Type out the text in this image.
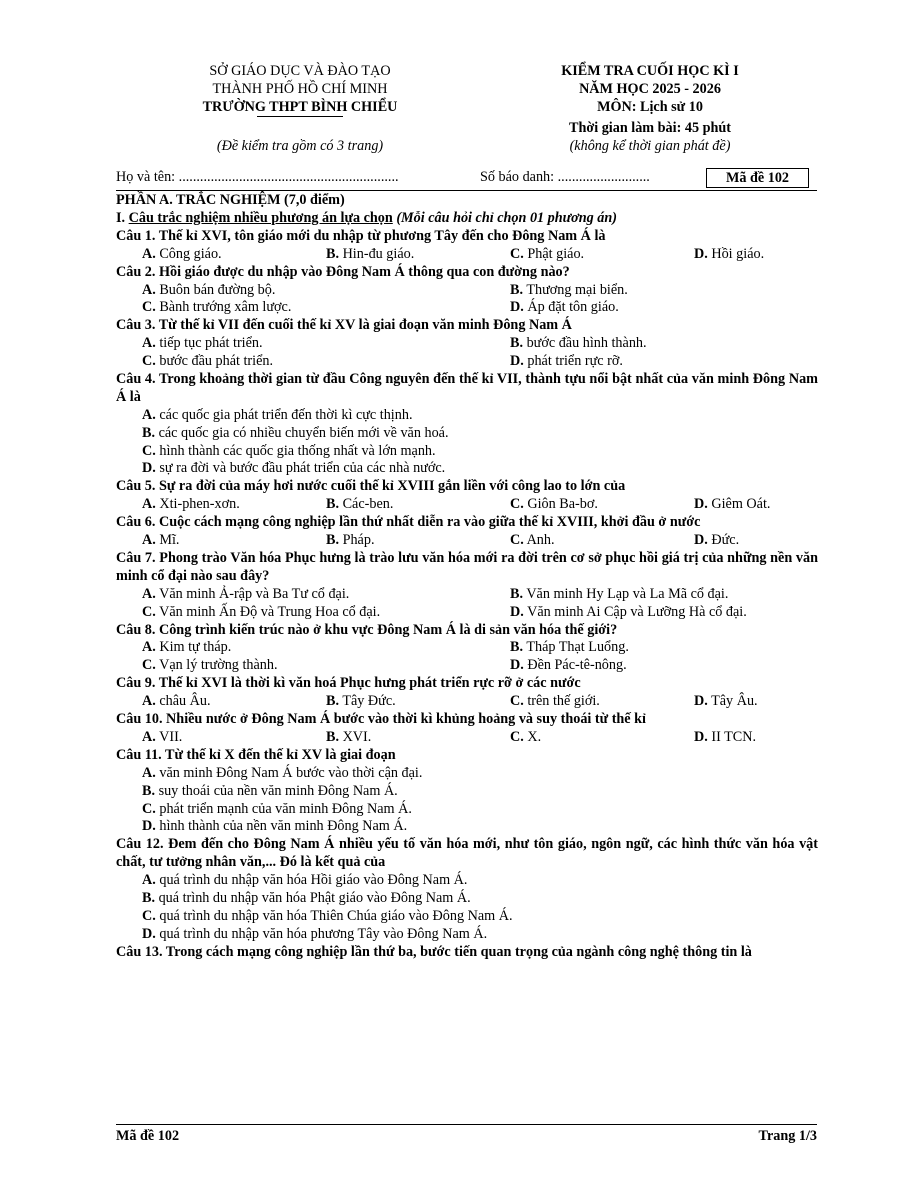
SỞ GIÁO DỤC VÀ ĐÀO TẠO
THÀNH PHỐ HỒ CHÍ MINH
TRƯỜNG THPT BÌNH CHIỂU
(Đề kiểm tra gồm có 3 trang)
KIỂM TRA CUỐI HỌC KÌ I
NĂM HỌC 2025 - 2026
MÔN: Lịch sử 10
Thời gian làm bài: 45 phút
(không kể thời gian phát đề)
Họ và tên: ..............................................................	Số báo danh: ..........................	Mã đề 102
PHẦN A. TRẮC NGHIỆM (7,0 điểm)
I. Câu trắc nghiệm nhiều phương án lựa chọn (Mỗi câu hỏi chỉ chọn 01 phương án)
Câu 1. Thế kỉ XVI, tôn giáo mới du nhập từ phương Tây đến cho Đông Nam Á là
A. Công giáo.	B. Hin-đu giáo.	C. Phật giáo.	D. Hồi giáo.
Câu 2. Hồi giáo được du nhập vào Đông Nam Á thông qua con đường nào?
A. Buôn bán đường bộ.	B. Thương mại biển.
C. Bành trướng xâm lược.	D. Áp đặt tôn giáo.
Câu 3. Từ thế kỉ VII đến cuối thế kỉ XV là giai đoạn văn minh Đông Nam Á
A. tiếp tục phát triển.	B. bước đầu hình thành.
C. bước đầu phát triển.	D. phát triển rực rỡ.
Câu 4. Trong khoảng thời gian từ đầu Công nguyên đến thế kỉ VII, thành tựu nổi bật nhất của văn minh Đông Nam Á là
A. các quốc gia phát triển đến thời kì cực thịnh.
B. các quốc gia có nhiều chuyển biến mới về văn hoá.
C. hình thành các quốc gia thống nhất và lớn mạnh.
D. sự ra đời và bước đầu phát triển của các nhà nước.
Câu 5. Sự ra đời của máy hơi nước cuối thế kỉ XVIII gắn liền với công lao to lớn của
A. Xti-phen-xơn.	B. Các-ben.	C. Giôn Ba-bơ.	D. Giêm Oát.
Câu 6. Cuộc cách mạng công nghiệp lần thứ nhất diễn ra vào giữa thế kỉ XVIII, khởi đầu ở nước
A. Mĩ.	B. Pháp.	C. Anh.	D. Đức.
Câu 7. Phong trào Văn hóa Phục hưng là trào lưu văn hóa mới ra đời trên cơ sở phục hồi giá trị của những nền văn minh cổ đại nào sau đây?
A. Văn minh Ả-rập và Ba Tư cổ đại.	B. Văn minh Hy Lạp và La Mã cổ đại.
C. Văn minh Ấn Độ và Trung Hoa cổ đại.	D. Văn minh Ai Cập và Lưỡng Hà cổ đại.
Câu 8. Công trình kiến trúc nào ở khu vực Đông Nam Á là di sản văn hóa thế giới?
A. Kim tự tháp.	B. Tháp Thạt Luổng.
C. Vạn lý trường thành.	D. Đền Pác-tê-nông.
Câu 9. Thế kỉ XVI là thời kì văn hoá Phục hưng phát triển rực rỡ ở các nước
A. châu Âu.	B. Tây Đức.	C. trên thế giới.	D. Tây Âu.
Câu 10. Nhiều nước ở Đông Nam Á bước vào thời kì khủng hoảng và suy thoái từ thế kỉ
A. VII.	B. XVI.	C. X.	D. II TCN.
Câu 11. Từ thế kỉ X đến thế kỉ XV là giai đoạn
A. văn minh Đông Nam Á bước vào thời cận đại.
B. suy thoái của nền văn minh Đông Nam Á.
C. phát triển mạnh của văn minh Đông Nam Á.
D. hình thành của nền văn minh Đông Nam Á.
Câu 12. Đem đến cho Đông Nam Á nhiều yếu tố văn hóa mới, như tôn giáo, ngôn ngữ, các hình thức văn hóa vật chất, tư tưởng nhân văn,... Đó là kết quả của
A. quá trình du nhập văn hóa Hồi giáo vào Đông Nam Á.
B. quá trình du nhập văn hóa Phật giáo vào Đông Nam Á.
C. quá trình du nhập văn hóa Thiên Chúa giáo vào Đông Nam Á.
D. quá trình du nhập văn hóa phương Tây vào Đông Nam Á.
Câu 13. Trong cách mạng công nghiệp lần thứ ba, bước tiến quan trọng của ngành công nghệ thông tin là
Mã đề 102	Trang 1/3
